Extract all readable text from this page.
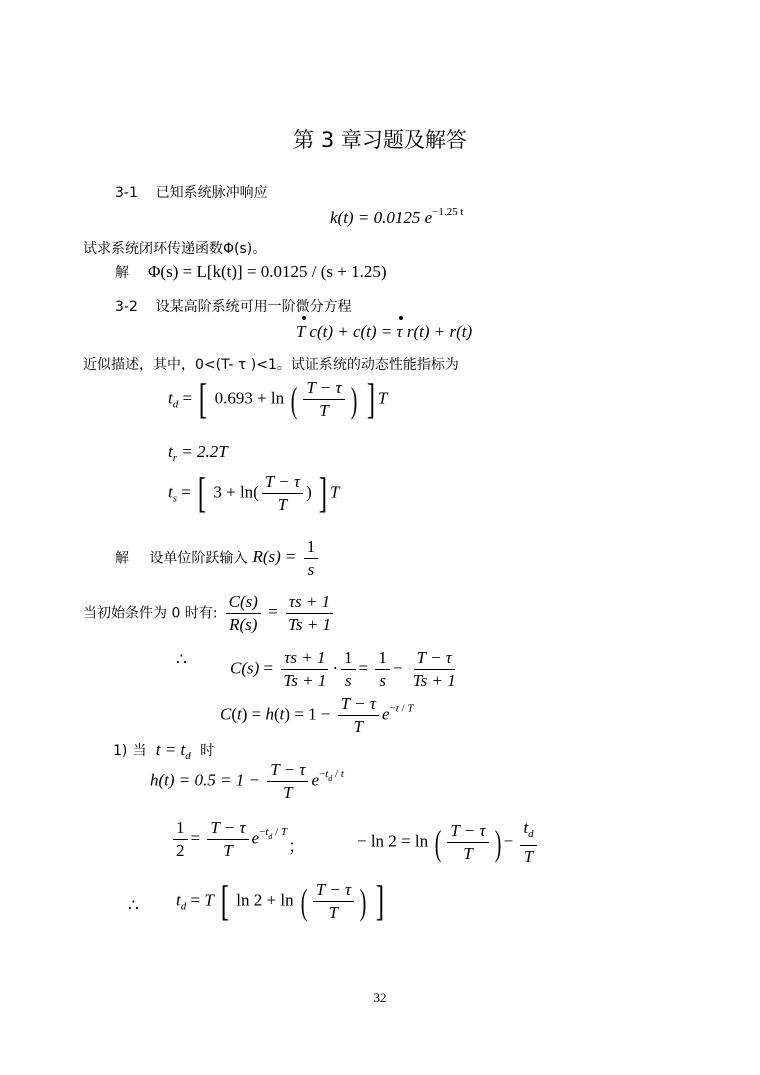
第 3 章习题及解答
3-1 已知系统脉冲响应
k(t) = 0.0125 $e^{-1.25 t}$
试求系统闭环传递函数Φ(s)。
解 Φ(s) = L[k(t)] = 0.0125 / (s + 1.25)
3-2 设某高阶系统可用一阶微分方程
T c(t) + c(t) = τ r(t) + r(t)
近似描述，其中，0<(T- τ )<1。试证系统的动态性能指标为
$t_d$ = [ 0.693 + ln ( $\frac{T - \tau}{T}$ ) ] T
$t_r = 2.2T$
$t_s$ = [ $3 + \ln( \frac{T - \tau}{T}$ ) ] T
解 设单位阶跃输入 $R(s) = \frac{1}{s}$
当初始条件为 0 时有: $\frac{C(s)}{R(s)} = \frac{\tau s + 1}{Ts + 1}$
∴	$C(s) = \frac{\tau s + 1}{Ts + 1} \cdot \frac{1}{s} = \frac{1}{s} - \frac{T - \tau}{Ts + 1}$
$C(t) = h(t) = 1 - \frac{T - \tau}{T} e^{-t / T}$
1) 当 $t = t_d$ 时
$h(t) = 0.5 = 1 - \frac{T - \tau}{T} e^{-t_d / t}$
$\frac{1}{2} = \frac{T - \tau}{T} e^{-t_d / T}$
；	− ln 2 = ln ( $\frac{T - \tau}{T}$ ) − $\frac{t_d}{T}$
∴ $t_d = T$ [ ln 2 + ln ( $\frac{T - \tau}{T}$ ) ]
32
